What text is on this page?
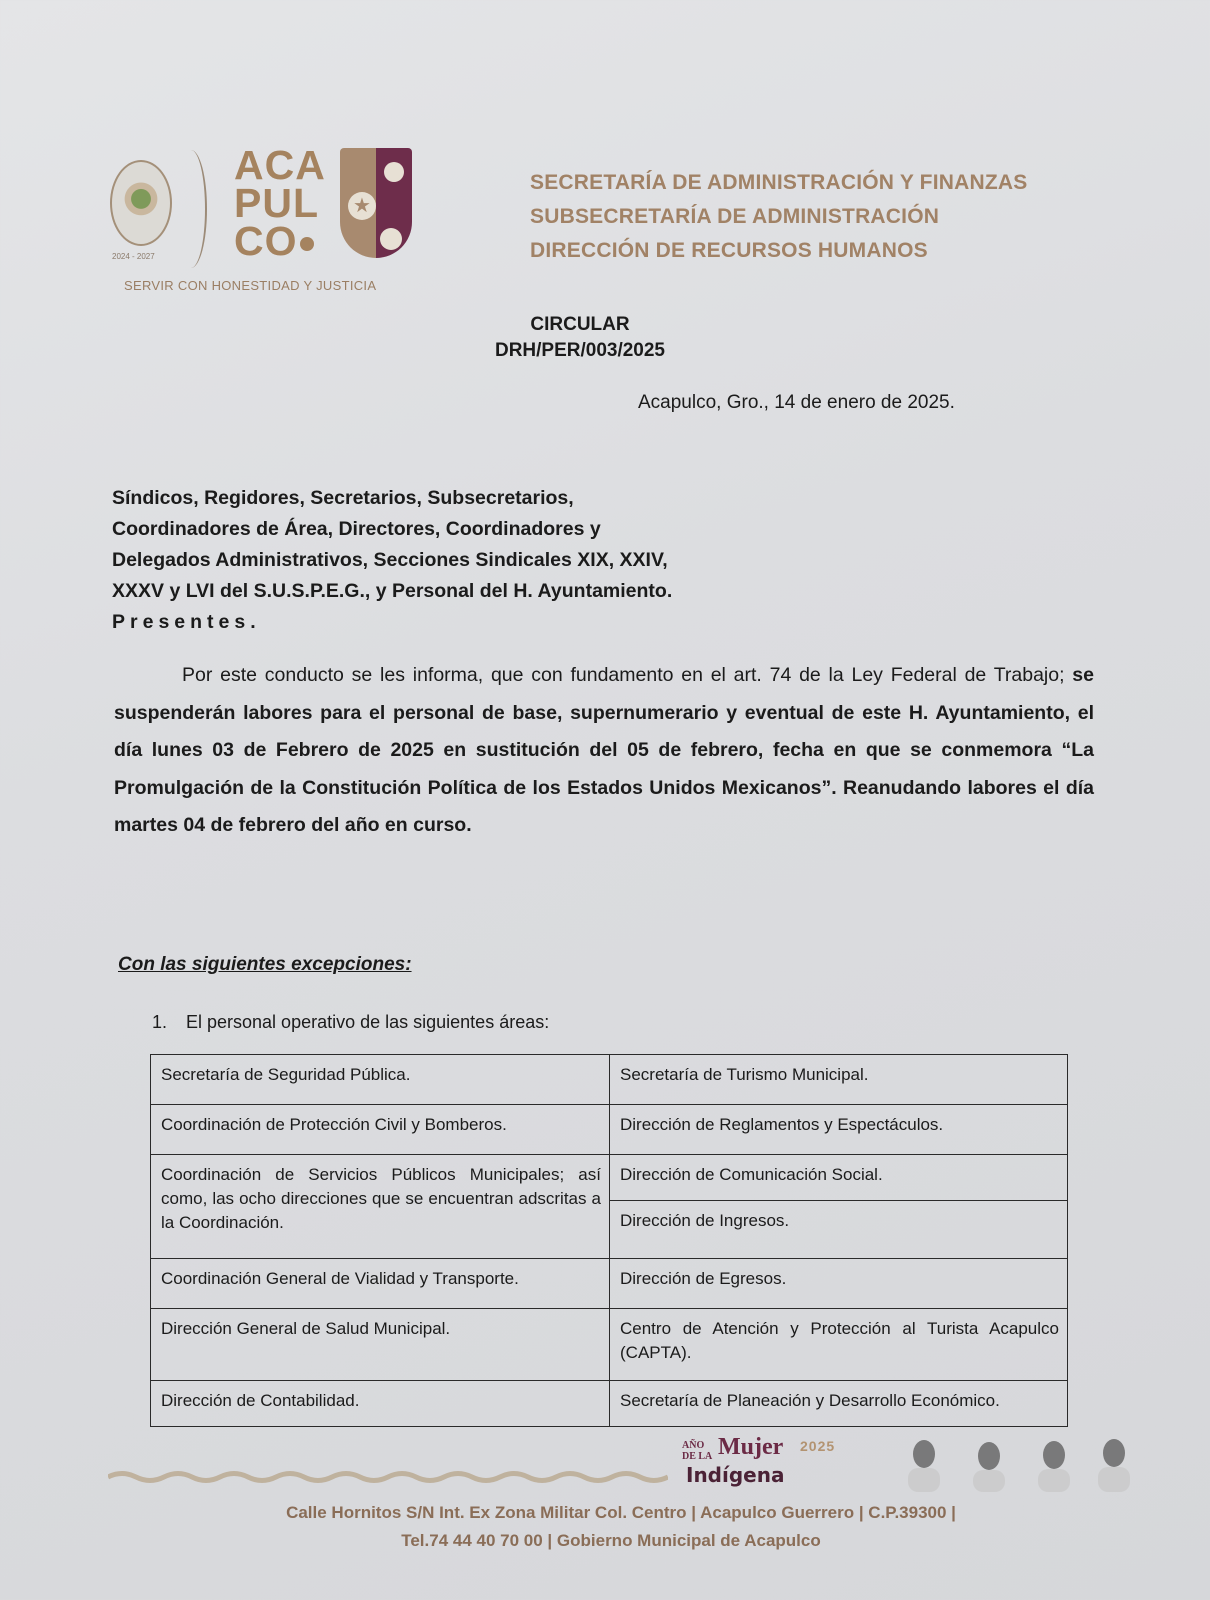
2024 - 2027
ACA
PUL
CO
★
SERVIR CON HONESTIDAD Y JUSTICIA
SECRETARÍA DE ADMINISTRACIÓN Y FINANZAS
SUBSECRETARÍA DE ADMINISTRACIÓN
DIRECCIÓN DE RECURSOS HUMANOS
CIRCULAR
DRH/PER/003/2025
Acapulco, Gro., 14 de enero de 2025.
Síndicos, Regidores, Secretarios, Subsecretarios,
Coordinadores de Área, Directores, Coordinadores y
Delegados Administrativos, Secciones Sindicales XIX, XXIV,
XXXV y LVI del S.U.S.P.E.G., y Personal del H. Ayuntamiento.
Presentes.
Por este conducto se les informa, que con fundamento en el art. 74 de la Ley Federal de Trabajo; se suspenderán labores para el personal de base, supernumerario y eventual de este H. Ayuntamiento, el día lunes 03 de Febrero de 2025 en sustitución del 05 de febrero, fecha en que se conmemora “La Promulgación de la Constitución Política de los Estados Unidos Mexicanos”. Reanudando labores el día martes 04 de febrero del año en curso.
Con las siguientes excepciones:
1. El personal operativo de las siguientes áreas:
Secretaría de Seguridad Pública.	Secretaría de Turismo Municipal.
Coordinación de Protección Civil y Bomberos.	Dirección de Reglamentos y Espectáculos.
Coordinación de Servicios Públicos Municipales; así como, las ocho direcciones que se encuentran adscritas a la Coordinación.	Dirección de Comunicación Social.
	Dirección de Ingresos.
Coordinación General de Vialidad y Transporte.	Dirección de Egresos.
Dirección General de Salud Municipal.	Centro de Atención y Protección al Turista Acapulco (CAPTA).
Dirección de Contabilidad.	Secretaría de Planeación y Desarrollo Económico.
AÑO
DE LA Mujer 2025
Indígena
Calle Hornitos S/N Int. Ex Zona Militar Col. Centro | Acapulco Guerrero | C.P.39300 |
Tel.74 44 40 70 00 | Gobierno Municipal de Acapulco
